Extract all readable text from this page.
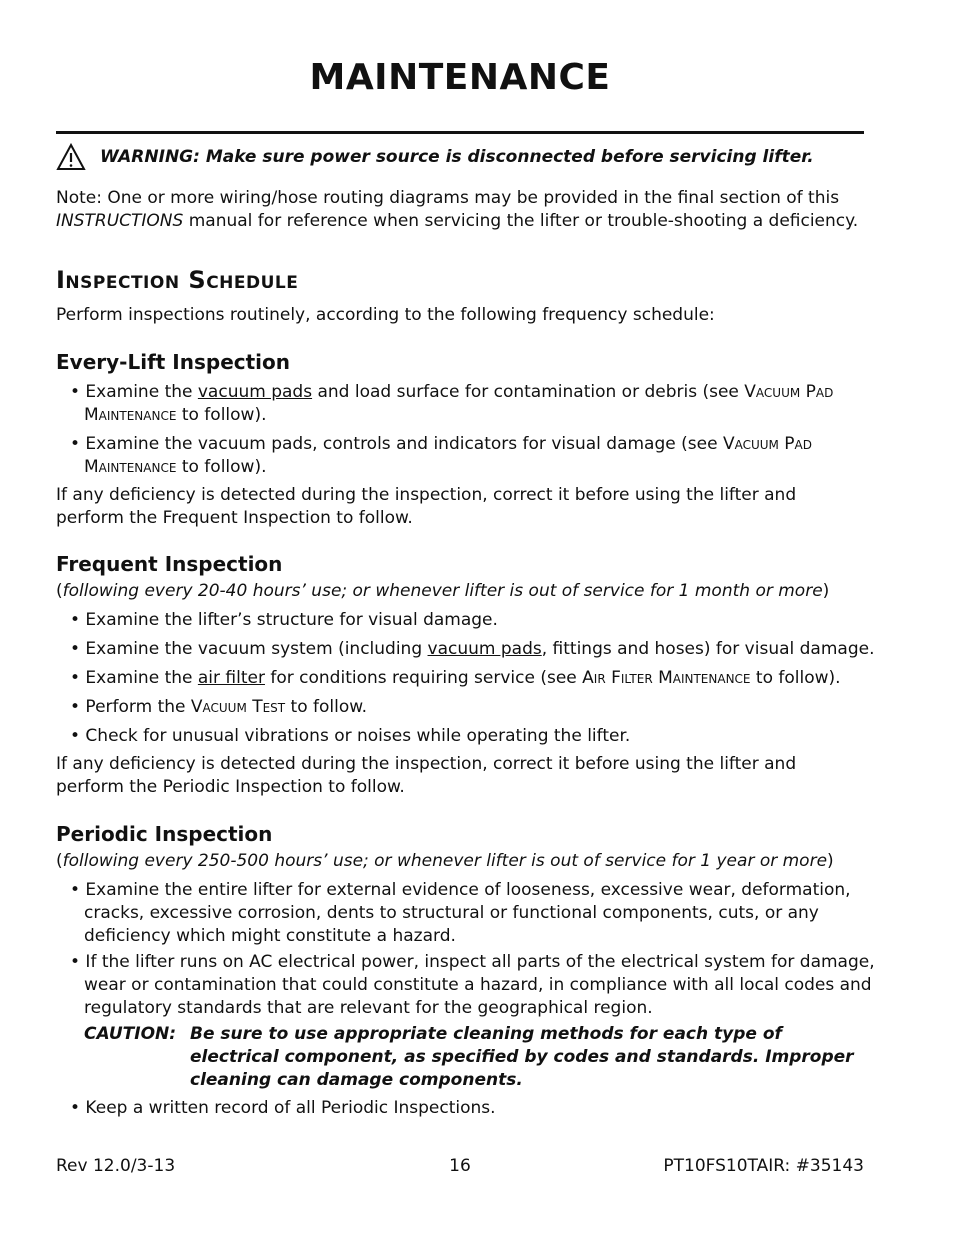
MAINTENANCE
WARNING: Make sure power source is disconnected before servicing lifter.

Note: One or more wiring/hose routing diagrams may be provided in the final section of this INSTRUCTIONS manual for reference when servicing the lifter or trouble-shooting a deficiency.

Inspection Schedule

Perform inspections routinely, according to the following frequency schedule:

Every-Lift Inspection

• Examine the vacuum pads and load surface for contamination or debris (see Vacuum Pad Maintenance to follow).

• Examine the vacuum pads, controls and indicators for visual damage (see Vacuum Pad Maintenance to follow).

If any deficiency is detected during the inspection, correct it before using the lifter and perform the Frequent Inspection to follow.

Frequent Inspection

(following every 20-40 hours’ use; or whenever lifter is out of service for 1 month or more)

• Examine the lifter’s structure for visual damage.

• Examine the vacuum system (including vacuum pads, fittings and hoses) for visual damage.

• Examine the air filter for conditions requiring service (see Air Filter Maintenance to follow).

• Perform the Vacuum Test to follow.

• Check for unusual vibrations or noises while operating the lifter.

If any deficiency is detected during the inspection, correct it before using the lifter and perform the Periodic Inspection to follow.

Periodic Inspection

(following every 250-500 hours’ use; or whenever lifter is out of service for 1 year or more)

• Examine the entire lifter for external evidence of looseness, excessive wear, deformation, cracks, excessive corrosion, dents to structural or functional components, cuts, or any deficiency which might constitute a hazard.

• If the lifter runs on AC electrical power, inspect all parts of the electrical system for damage, wear or contamination that could constitute a hazard, in compliance with all local codes and regulatory standards that are relevant for the geographical region.

CAUTION: Be sure to use appropriate cleaning methods for each type of electrical component, as specified by codes and standards. Improper cleaning can damage components.

• Keep a written record of all Periodic Inspections.

Rev 12.0/3-13	16	PT10FS10TAIR: #35143
